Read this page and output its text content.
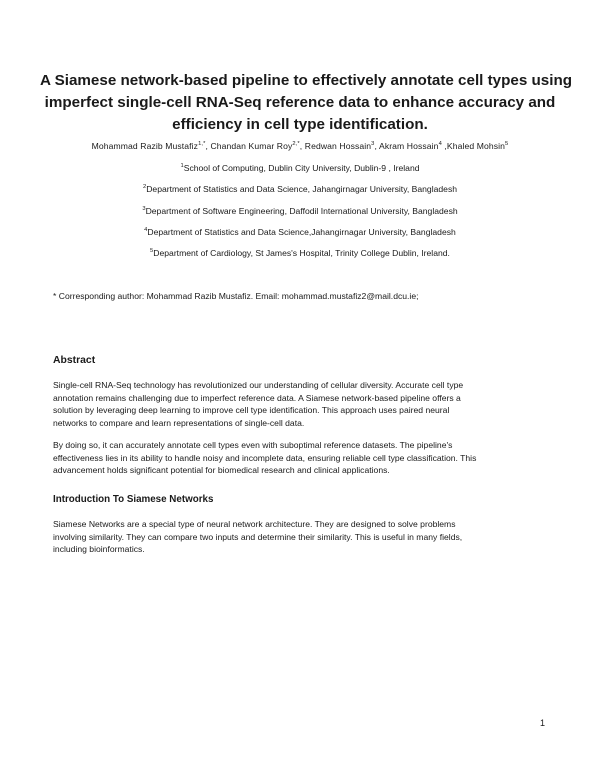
A Siamese network-based pipeline to effectively annotate cell types using
imperfect single-cell RNA-Seq reference data to enhance accuracy and
efficiency in cell type identification.
Mohammad Razib Mustafiz$^{1,*}$, Chandan Kumar Roy$^{2,*}$, Redwan Hossain$^3$, Akram Hossain$^4$ ,Khaled Mohsin$^5$
$^1$School of Computing, Dublin City University, Dublin-9 , Ireland
$^2$Department of Statistics and Data Science, Jahangirnagar University, Bangladesh
$^3$Department of Software Engineering, Daffodil International University, Bangladesh
$^4$Department of Statistics and Data Science,Jahangirnagar University, Bangladesh
$^5$Department of Cardiology, St James's Hospital, Trinity College Dublin, Ireland.
* Corresponding author: Mohammad Razib Mustafiz. Email: mohammad.mustafiz2@mail.dcu.ie;
Abstract
Single-cell RNA-Seq technology has revolutionized our understanding of cellular diversity. Accurate cell type
annotation remains challenging due to imperfect reference data. A Siamese network-based pipeline offers a
solution by leveraging deep learning to improve cell type identification. This approach uses paired neural
networks to compare and learn representations of single-cell data.
By doing so, it can accurately annotate cell types even with suboptimal reference datasets. The pipeline's
effectiveness lies in its ability to handle noisy and incomplete data, ensuring reliable cell type classification. This
advancement holds significant potential for biomedical research and clinical applications.
Introduction To Siamese Networks
Siamese Networks are a special type of neural network architecture. They are designed to solve problems
involving similarity. They can compare two inputs and determine their similarity. This is useful in many fields,
including bioinformatics.
1
